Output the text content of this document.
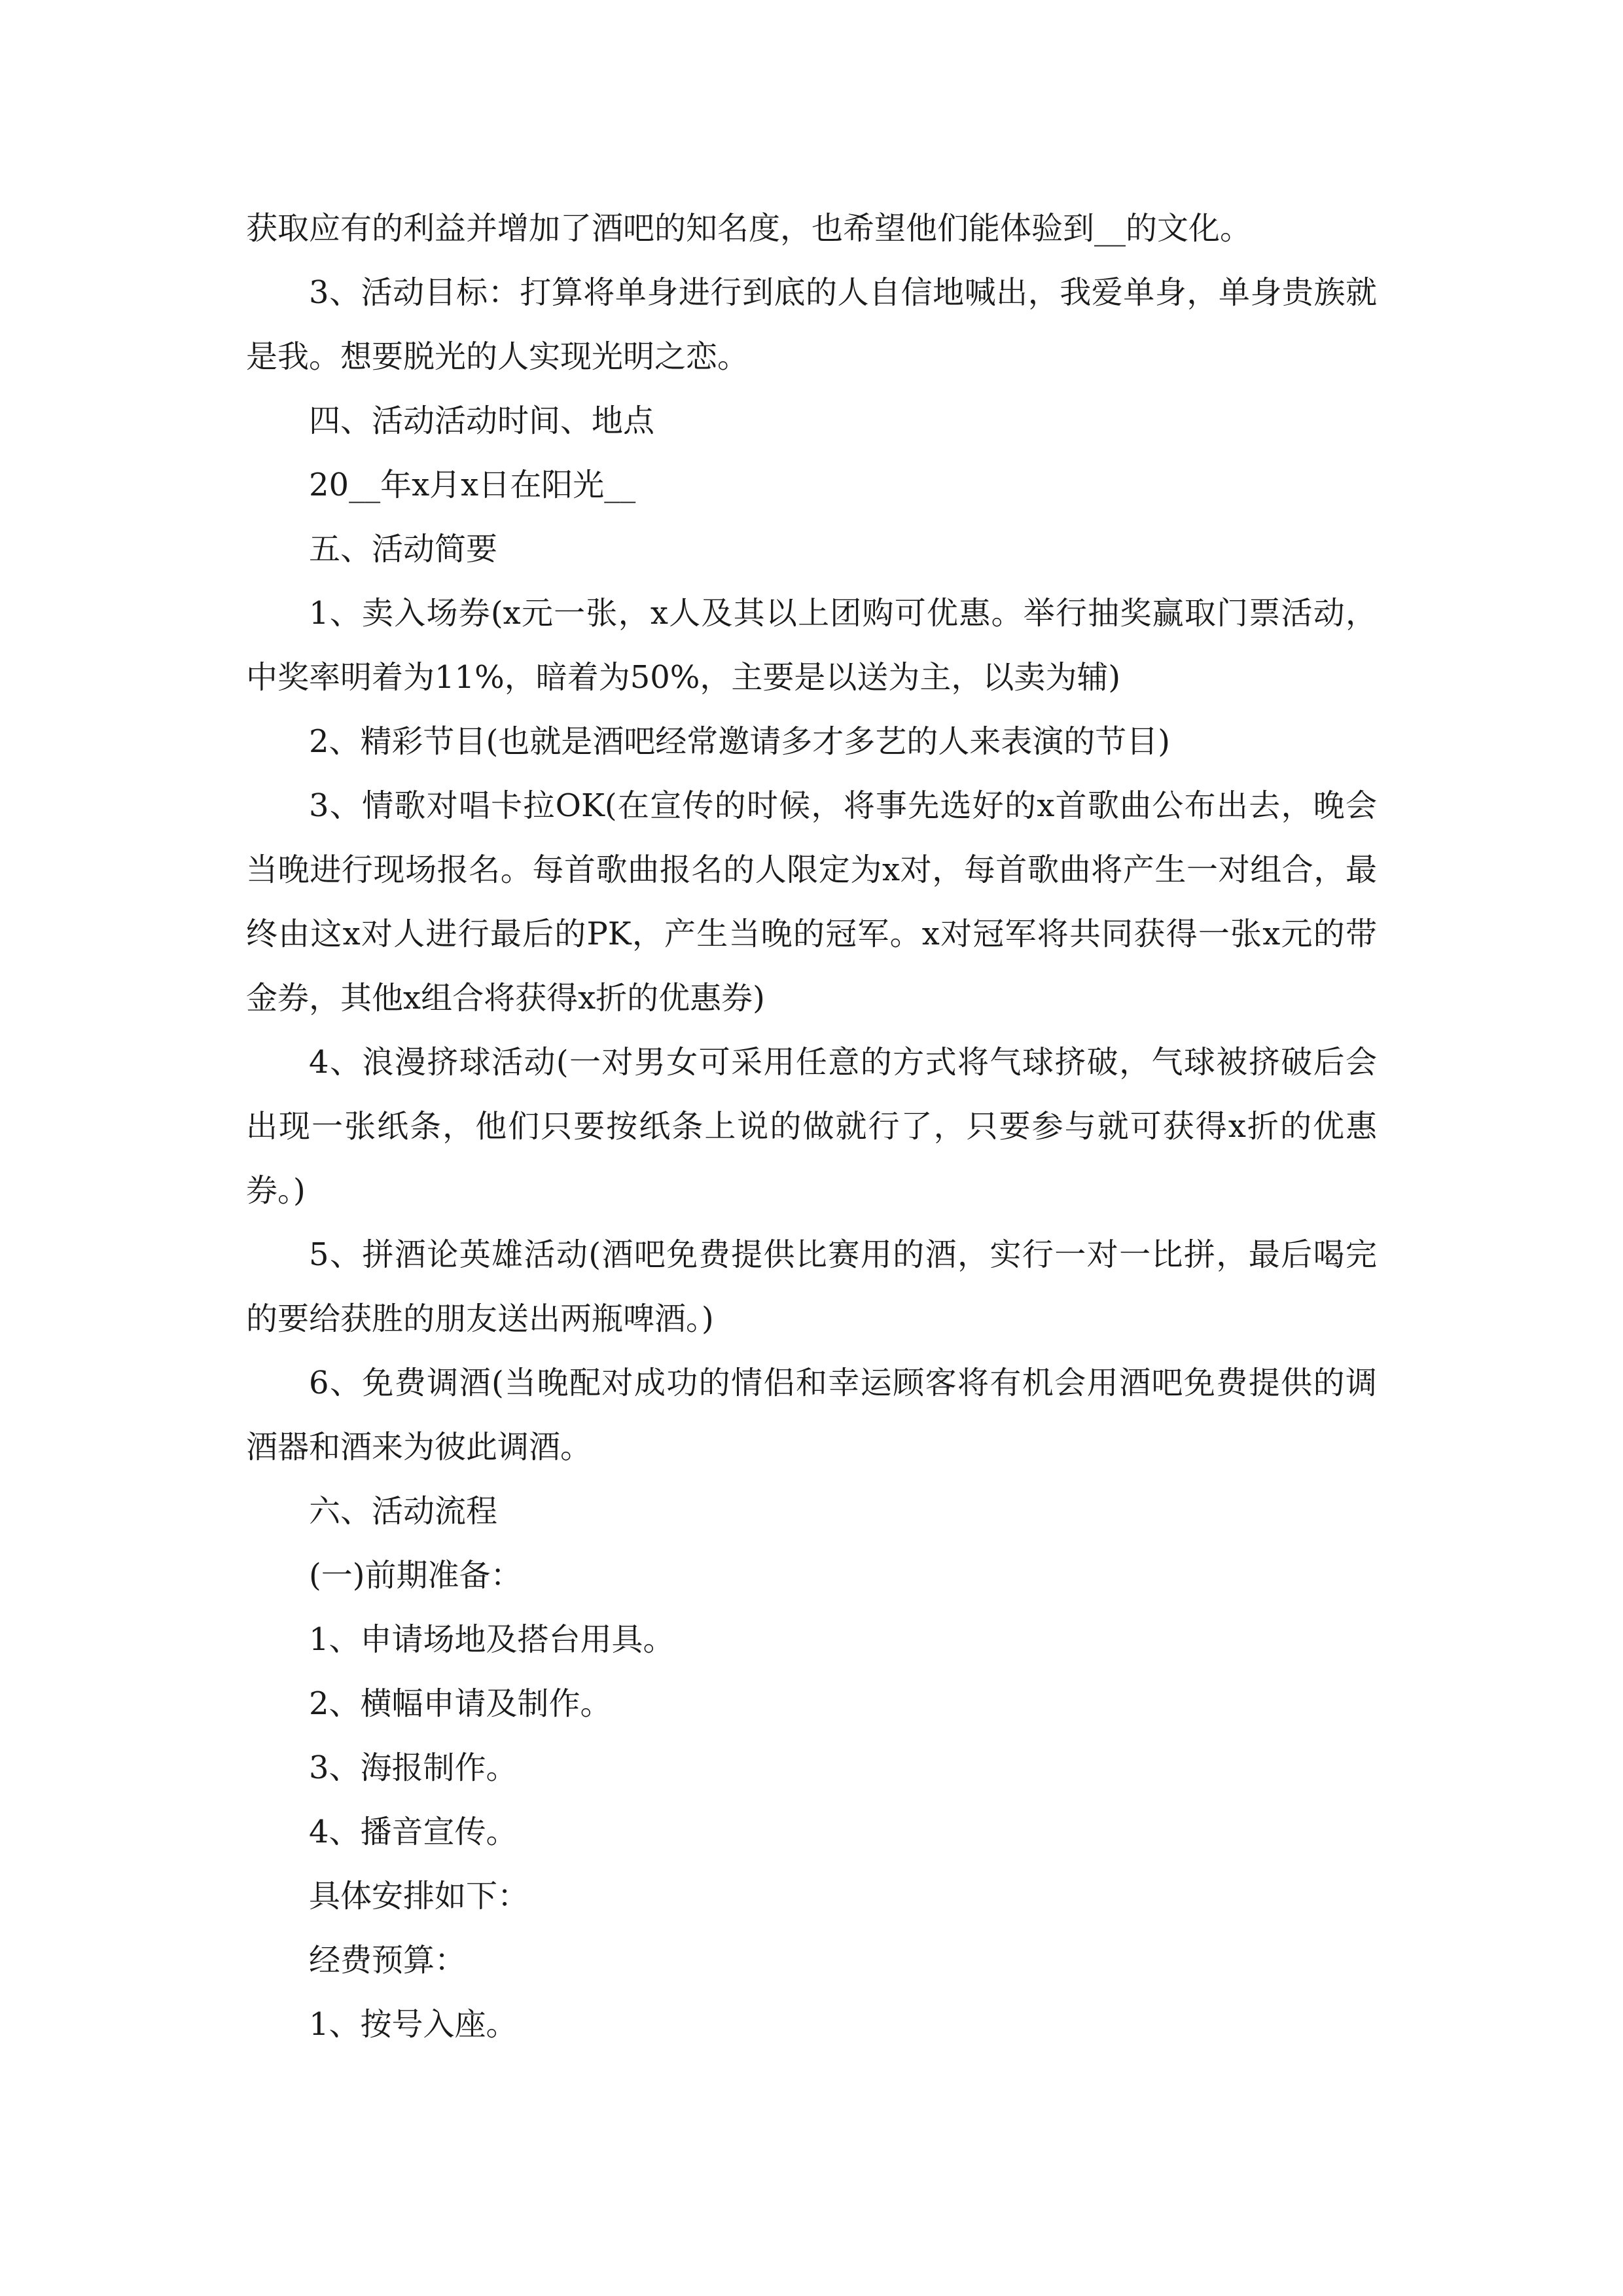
获取应有的利益并增加了酒吧的知名度，也希望他们能体验到__的文化。

3、活动目标：打算将单身进行到底的人自信地喊出，我爱单身，单身贵族就是我。想要脱光的人实现光明之恋。

四、活动活动时间、地点

20__年x月x日在阳光__

五、活动简要

1、卖入场券(x元一张，x人及其以上团购可优惠。举行抽奖赢取门票活动，中奖率明着为11%，暗着为50%，主要是以送为主，以卖为辅)

2、精彩节目(也就是酒吧经常邀请多才多艺的人来表演的节目)

3、情歌对唱卡拉OK(在宣传的时候，将事先选好的x首歌曲公布出去，晚会当晚进行现场报名。每首歌曲报名的人限定为x对，每首歌曲将产生一对组合，最终由这x对人进行最后的PK，产生当晚的冠军。x对冠军将共同获得一张x元的带金券，其他x组合将获得x折的优惠券)

4、浪漫挤球活动(一对男女可采用任意的方式将气球挤破，气球被挤破后会出现一张纸条，他们只要按纸条上说的做就行了，只要参与就可获得x折的优惠券。)

5、拼酒论英雄活动(酒吧免费提供比赛用的酒，实行一对一比拼，最后喝完的要给获胜的朋友送出两瓶啤酒。)

6、免费调酒(当晚配对成功的情侣和幸运顾客将有机会用酒吧免费提供的调酒器和酒来为彼此调酒。

六、活动流程

(一)前期准备：

1、申请场地及搭台用具。

2、横幅申请及制作。

3、海报制作。

4、播音宣传。

具体安排如下：

经费预算：

1、按号入座。
